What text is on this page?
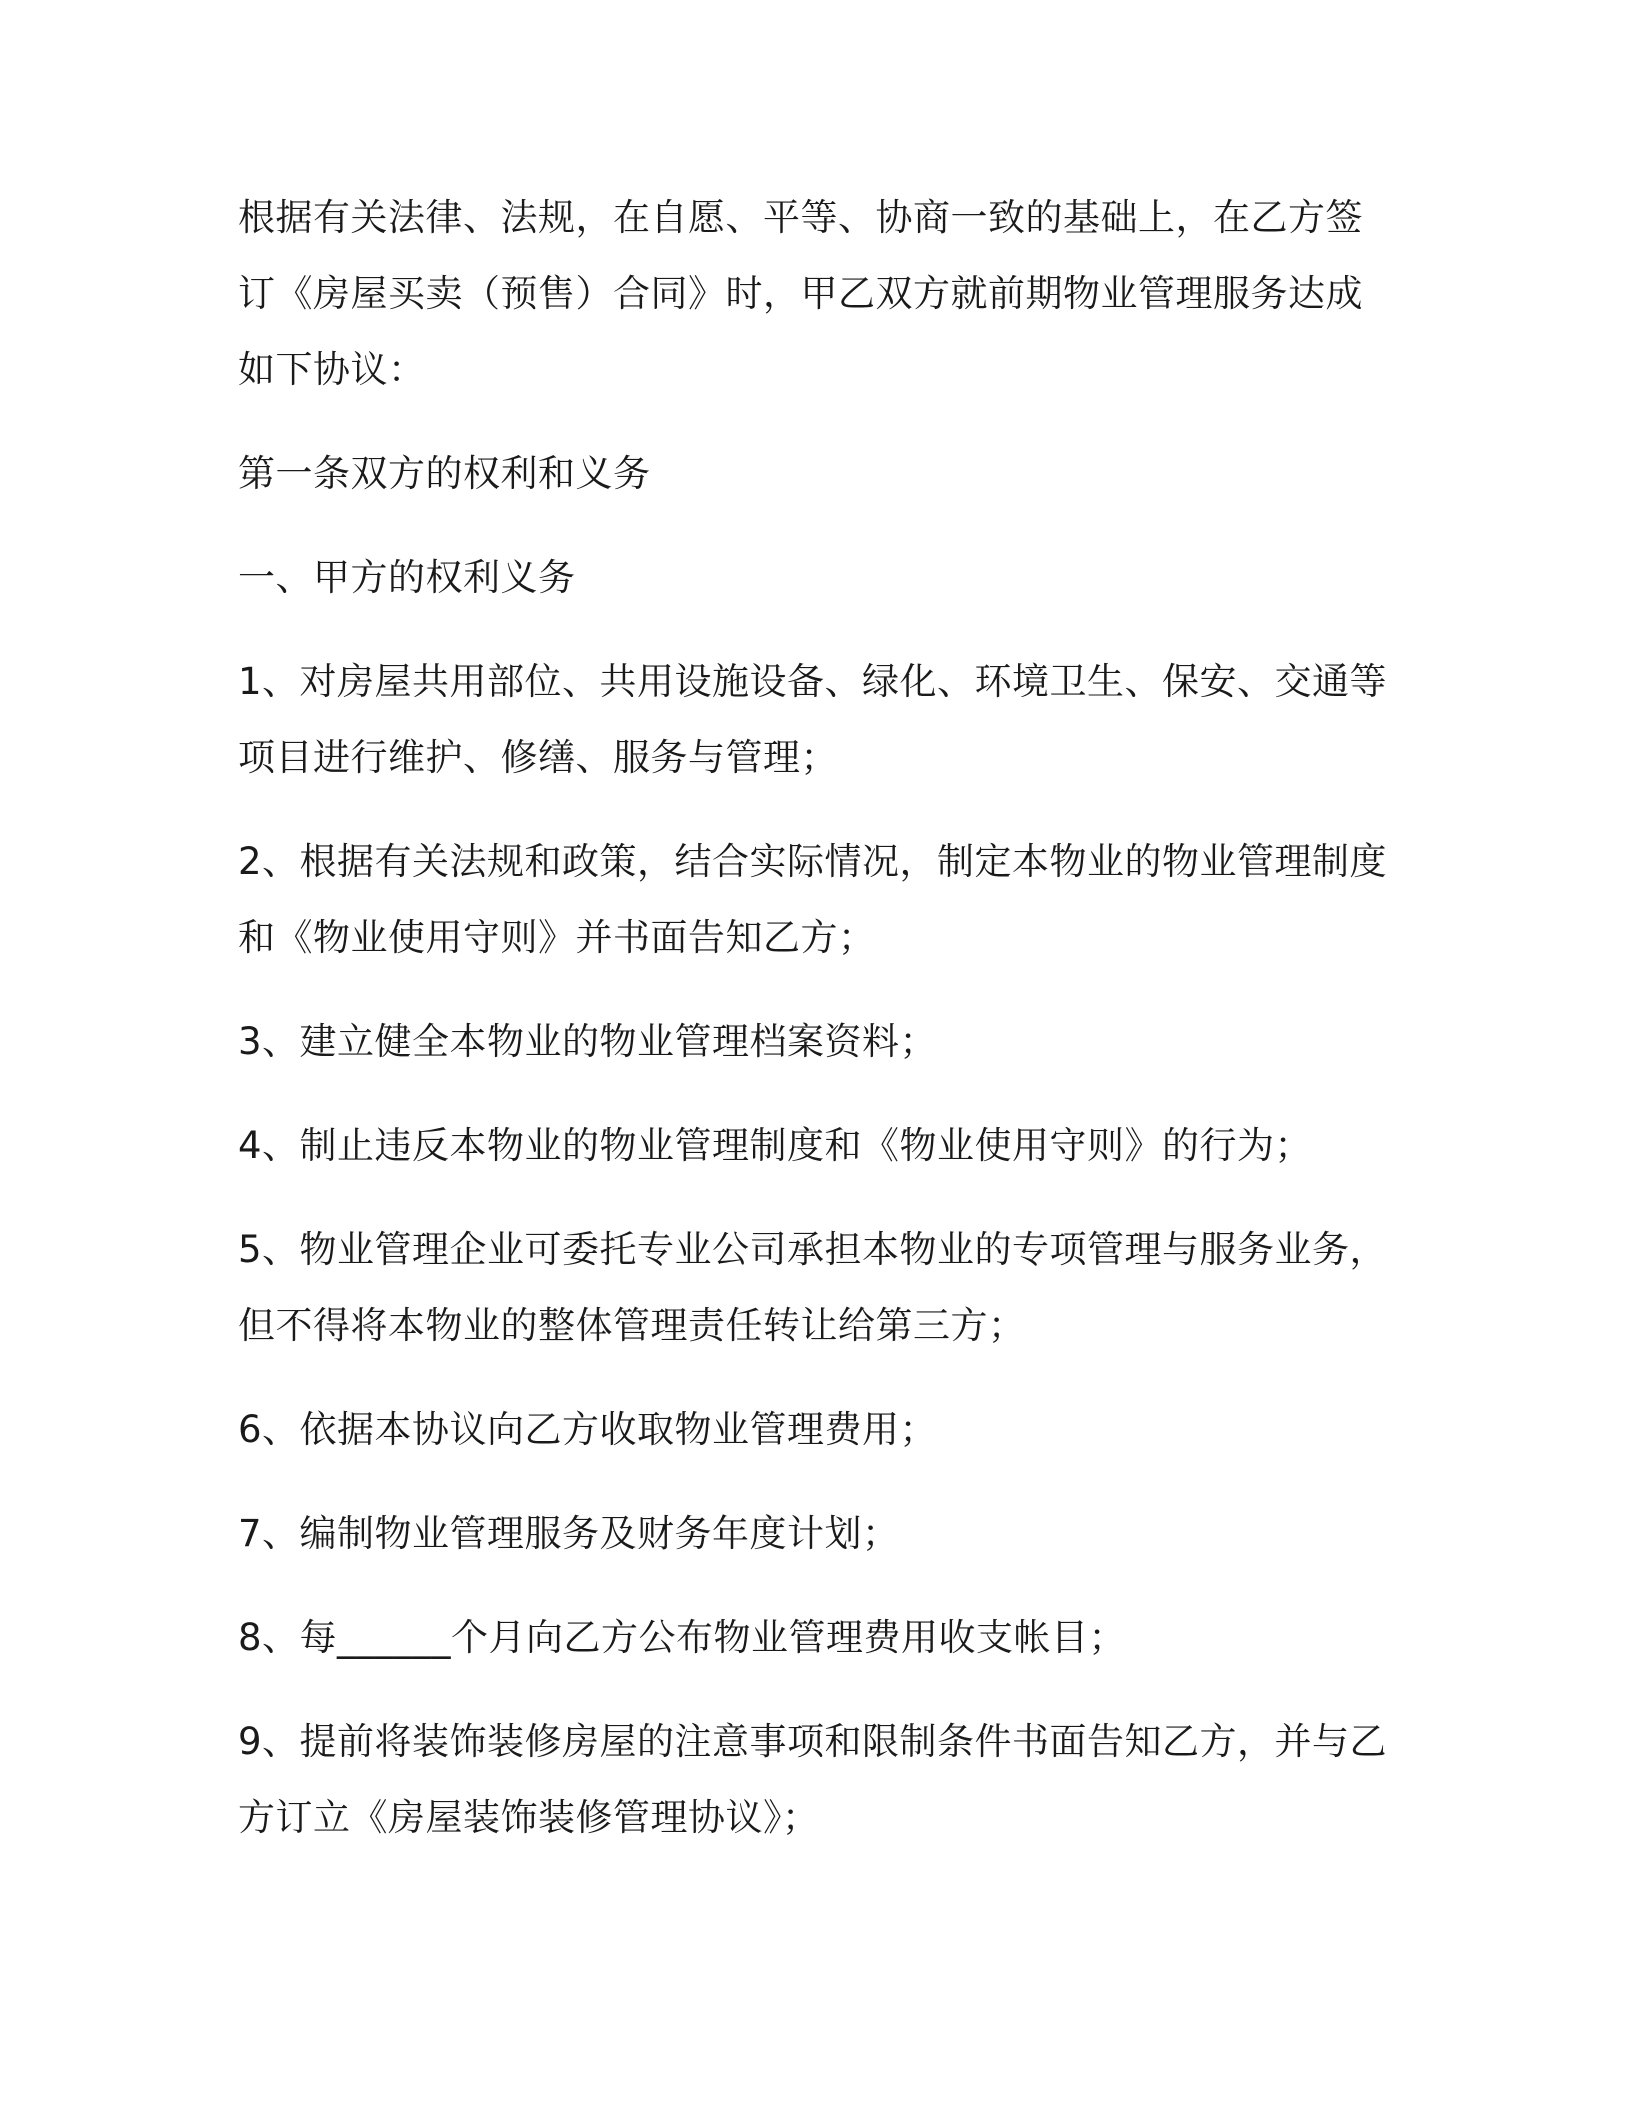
根据有关法律、法规，在自愿、平等、协商一致的基础上，在乙方签订《房屋买卖（预售）合同》时，甲乙双方就前期物业管理服务达成如下协议：

第一条双方的权利和义务

一、甲方的权利义务

1、对房屋共用部位、共用设施设备、绿化、环境卫生、保安、交通等项目进行维护、修缮、服务与管理；

2、根据有关法规和政策，结合实际情况，制定本物业的物业管理制度和《物业使用守则》并书面告知乙方；

3、建立健全本物业的物业管理档案资料；

4、制止违反本物业的物业管理制度和《物业使用守则》的行为；

5、物业管理企业可委托专业公司承担本物业的专项管理与服务业务，但不得将本物业的整体管理责任转让给第三方；

6、依据本协议向乙方收取物业管理费用；

7、编制物业管理服务及财务年度计划；

8、每______个月向乙方公布物业管理费用收支帐目；

9、提前将装饰装修房屋的注意事项和限制条件书面告知乙方，并与乙方订立《房屋装饰装修管理协议》；
